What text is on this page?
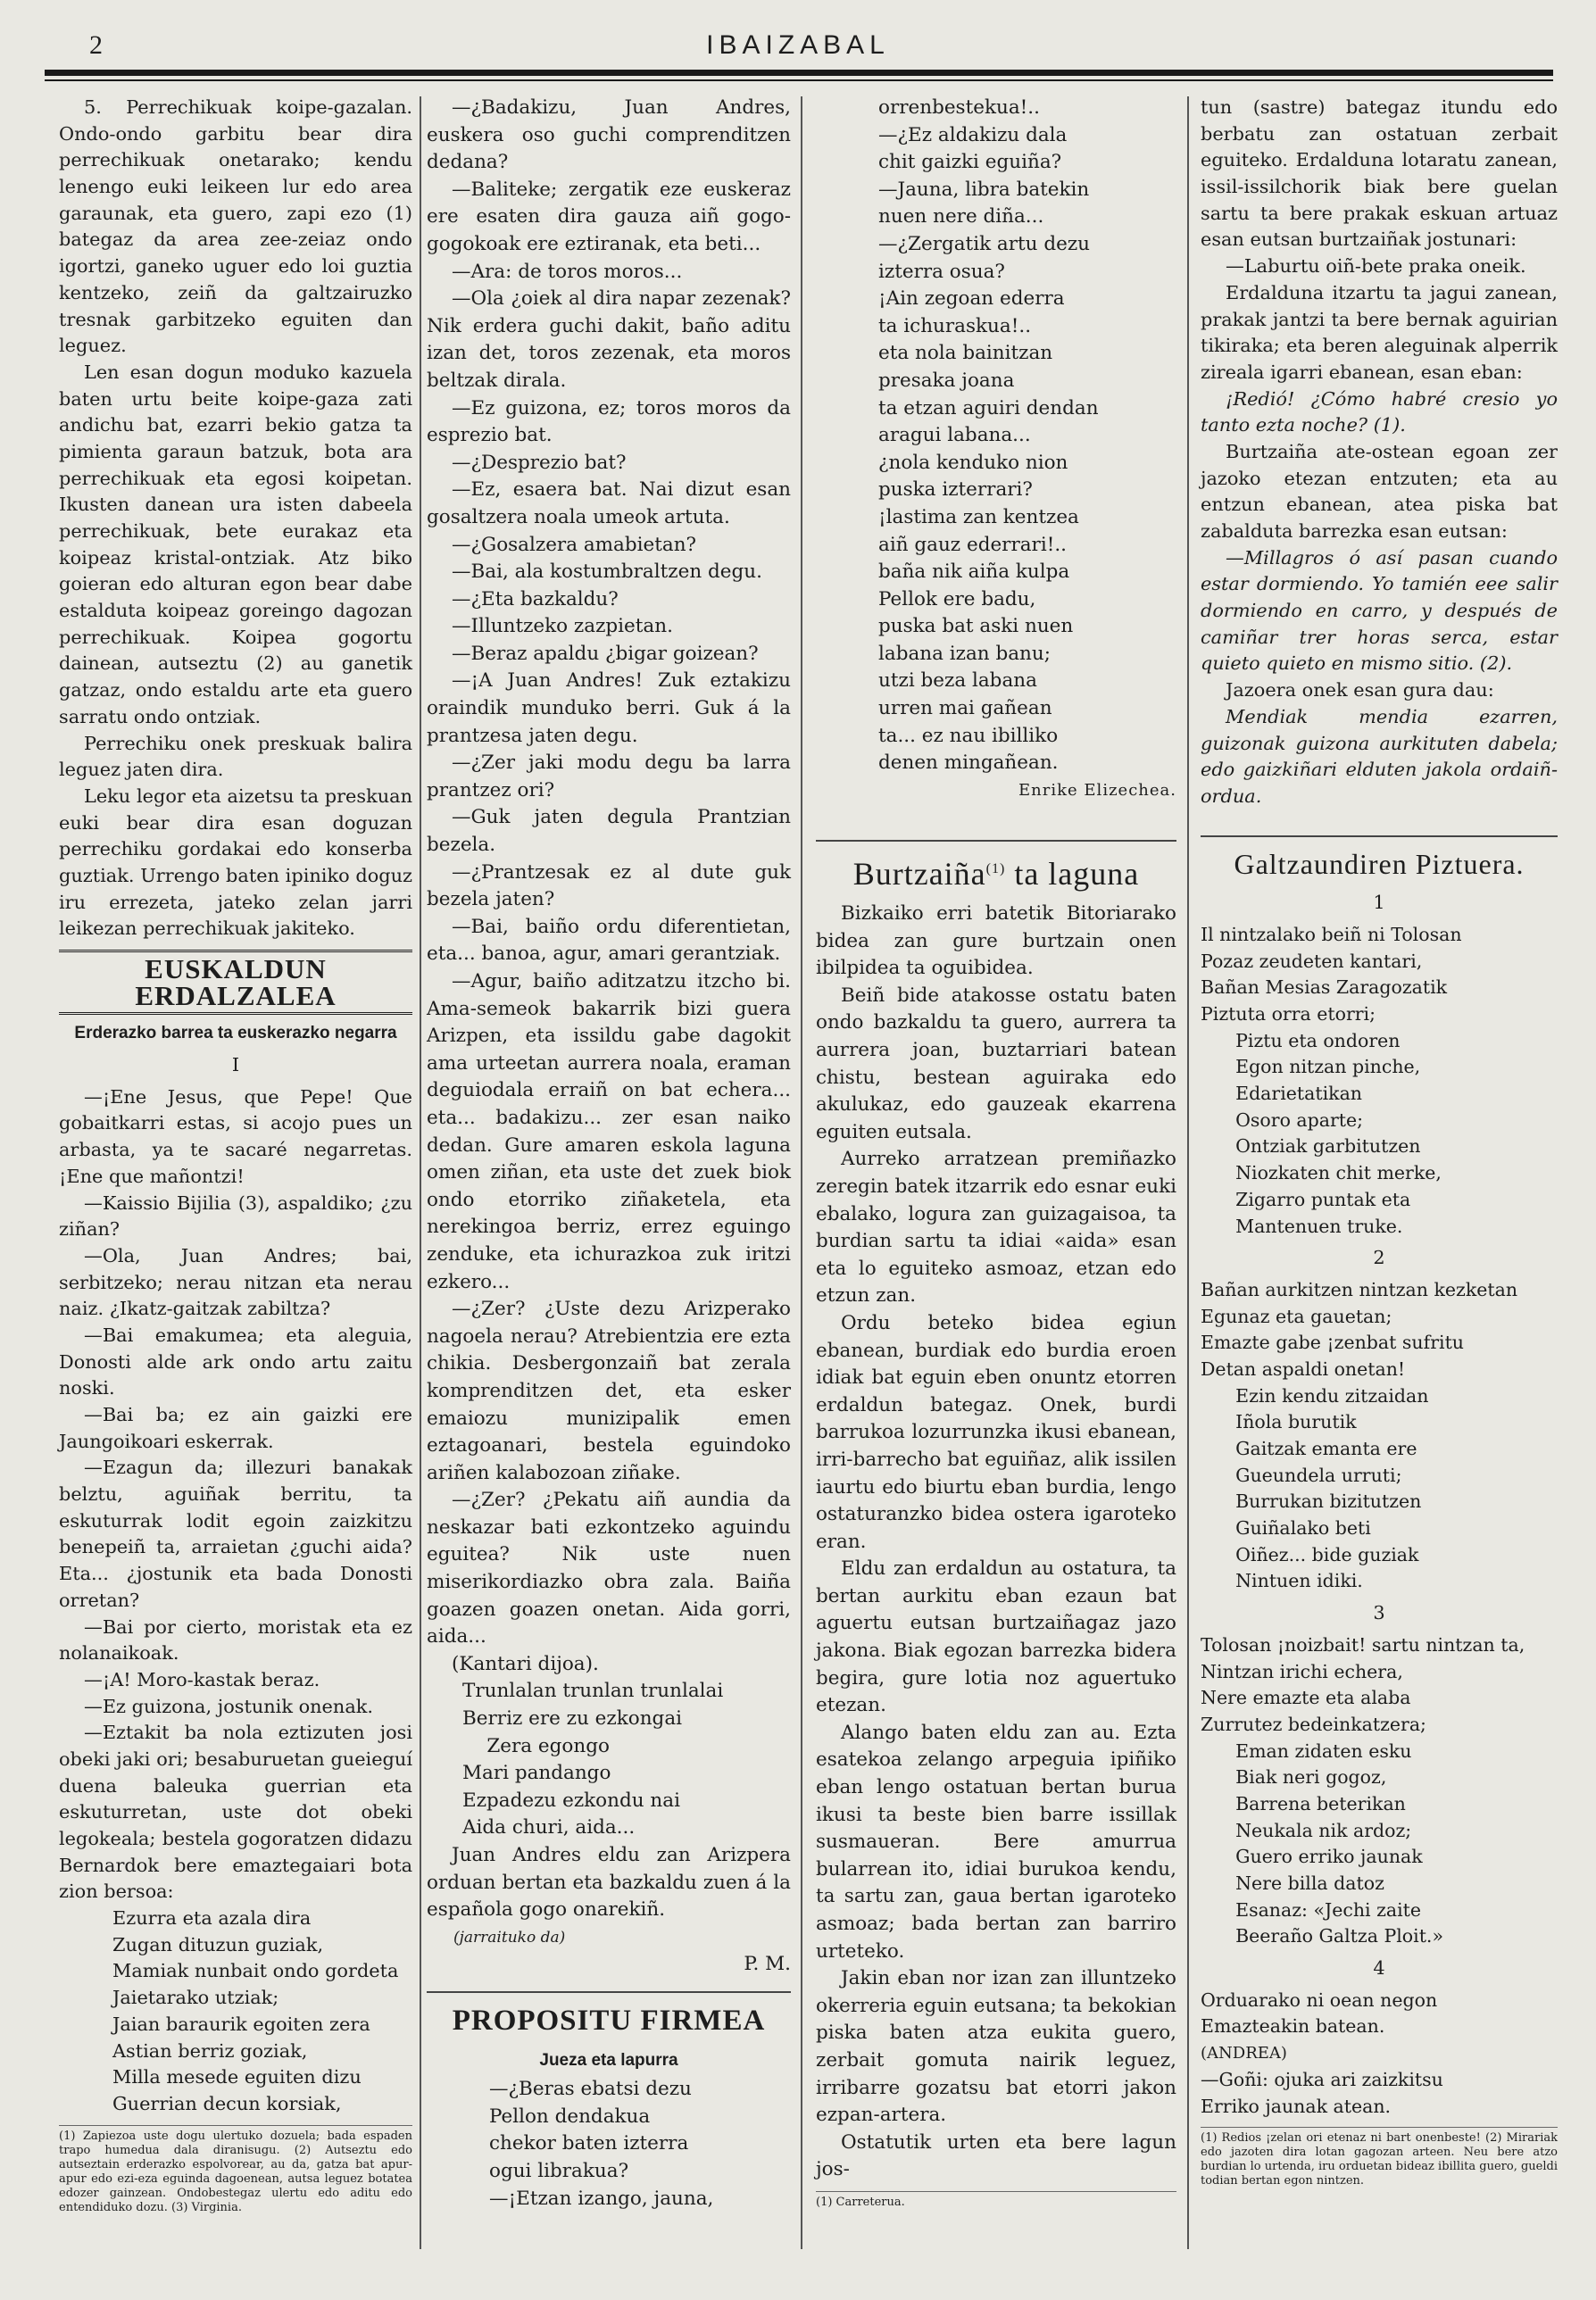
2	IBAIZABAL

5. Perrechikuak koipe-gazalan. Ondo-ondo garbitu bear dira perrechikuak onetarako; kendu lenengo euki leikeen lur edo area garaunak, eta guero, zapi ezo (1) bategaz da area zee-zeiaz ondo igortzi, ganeko uguer edo loi guztia kentzeko, zeiñ da galtzairuzko tresnak garbitzeko eguiten dan leguez.

Len esan dogun moduko kazuela baten urtu beite koipe-gaza zati andichu bat, ezarri bekio gatza ta pimienta garaun batzuk, bota ara perrechikuak eta egosi koipetan. Ikusten danean ura isten dabeela perrechikuak, bete eurakaz eta koipeaz kristal-ontziak. Atz biko goieran edo alturan egon bear dabe estalduta koipeaz goreingo dagozan perrechikuak. Koipea gogortu dainean, autseztu (2) au ganetik gatzaz, ondo estaldu arte eta guero sarratu ondo ontziak.

Perrechiku onek preskuak balira leguez jaten dira.

Leku legor eta aizetsu ta preskuan euki bear dira esan doguzan perrechiku gordakai edo konserba guztiak. Urrengo baten ipiniko doguz iru errezeta, jateko zelan jarri leikezan perrechikuak jakiteko.

EUSKALDUN ERDALZALEA
Erderazko barrea ta euskerazko negarra
I

—¡Ene Jesus, que Pepe! Que gobaitkarri estas, si acojo pues un arbasta, ya te sacaré negarretas. ¡Ene que mañontzi!

—Kaissio Bijilia (3), aspaldiko; ¿zu ziñan?

—Ola, Juan Andres; bai, serbitzeko; nerau nitzan eta nerau naiz. ¿Ikatz-gaitzak zabiltza?

—Bai emakumea; eta aleguia, Donosti alde ark ondo artu zaitu noski.

—Bai ba; ez ain gaizki ere Jaungoikoari eskerrak.

—Ezagun da; illezuri banakak belztu, aguiñak berritu, ta eskuturrak lodit egoin zaizkitzu benepeiñ ta, arraietan ¿guchi aida? Eta... ¿jostunik eta bada Donosti orretan?

—Bai por cierto, moristak eta ez nolanaikoak.

—¡A! Moro-kastak beraz.

—Ez guizona, jostunik onenak.

—Eztakit ba nola eztizuten josi obeki jaki ori; besaburuetan gueieguí duena baleuka guerrian eta eskuturretan, uste dot obeki legokeala; bestela gogoratzen didazu Bernardok bere emaztegaiari bota zion bersoa:

Ezurra eta azala dira
Zugan dituzun guziak,
Mamiak nunbait ondo gordeta
Jaietarako utziak;
Jaian baraurik egoiten zera
Astian berriz goziak,
Milla mesede eguiten dizu
Guerrian decun korsiak,

(1) Zapiezoa uste dogu ulertuko dozuela; bada espaden trapo humedua dala diranisugu. (2) Autseztu edo autseztain erderazko espolvorear, au da, gatza bat apur-apur edo ezi-eza eguinda dagoenean, autsa leguez botatea edozer gainzean. Ondobestegaz ulertu edo aditu edo entendiduko dozu. (3) Virginia.

—¿Badakizu, Juan Andres, euskera oso guchi comprenditzen dedana?

—Baliteke; zergatik eze euskeraz ere esaten dira gauza aiñ gogo-gogokoak ere eztiranak, eta beti...

—Ara: de toros moros...

—Ola ¿oiek al dira napar zezenak? Nik erdera guchi dakit, baño aditu izan det, toros zezenak, eta moros beltzak dirala.

—Ez guizona, ez; toros moros da esprezio bat.

—¿Desprezio bat?

—Ez, esaera bat. Nai dizut esan gosaltzera noala umeok artuta.

—¿Gosalzera amabietan?

—Bai, ala kostumbraltzen degu.

—¿Eta bazkaldu?

—Illuntzeko zazpietan.

—Beraz apaldu ¿bigar goizean?

—¡A Juan Andres! Zuk eztakizu oraindik munduko berri. Guk á la prantzesa jaten degu.

—¿Zer jaki modu degu ba larra prantzez ori?

—Guk jaten degula Prantzian bezela.

—¿Prantzesak ez al dute guk bezela jaten?

—Bai, baiño ordu diferentietan, eta... banoa, agur, amari gerantziak.

—Agur, baiño aditzatzu itzcho bi. Ama-semeok bakarrik bizi guera Arizpen, eta issildu gabe dagokit ama urteetan aurrera noala, eraman deguiodala erraiñ on bat echera... eta... badakizu... zer esan naiko dedan. Gure amaren eskola laguna omen ziñan, eta uste det zuek biok ondo etorriko ziñaketela, eta nerekingoa berriz, errez eguingo zenduke, eta ichurazkoa zuk iritzi ezkero...

—¿Zer? ¿Uste dezu Arizperako nagoela nerau? Atrebientzia ere ezta chikia. Desbergonzaiñ bat zerala komprenditzen det, eta esker emaiozu munizipalik emen eztagoanari, bestela eguindoko ariñen kalabozoan ziñake.

—¿Zer? ¿Pekatu aiñ aundia da neskazar bati ezkontzeko aguindu eguitea? Nik uste nuen miserikordiazko obra zala. Baiña goazen goazen onetan. Aida gorri, aida...

(Kantari dijoa).

Trunlalan trunlan trunlalai
Berriz ere zu ezkongai
Zera egongo
Mari pandango
Ezpadezu ezkondu nai
Aida churi, aida...

Juan Andres eldu zan Arizpera orduan bertan eta bazkaldu zuen á la española gogo onarekiñ.

(jarraituko da)

P. M.

PROPOSITU FIRMEA
Jueza eta lapurra

—¿Beras ebatsi dezu
Pellon dendakua
chekor baten izterra
ogui librakua?
—¡Etzan izango, jauna,

orrenbestekua!..
—¿Ez aldakizu dala
chit gaizki eguiña?
—Jauna, libra batekin
nuen nere diña...
—¿Zergatik artu dezu
izterra osua?
¡Ain zegoan ederra
ta ichuraskua!..
eta nola bainitzan
presaka joana
ta etzan aguiri dendan
aragui labana...
¿nola kenduko nion
puska izterrari?
¡lastima zan kentzea
aiñ gauz ederrari!..
baña nik aiña kulpa
Pellok ere badu,
puska bat aski nuen
labana izan banu;
utzi beza labana
urren mai gañean
ta... ez nau ibilliko
denen mingañean.

Enrike Elizechea.

Burtzaiña$^{(1)}$ ta laguna

Bizkaiko erri batetik Bitoriarako bidea zan gure burtzain onen ibilpidea ta oguibidea.

Beiñ bide atakosse ostatu baten ondo bazkaldu ta guero, aurrera ta aurrera joan, buztarriari batean chistu, bestean aguiraka edo akulukaz, edo gauzeak ekarrena eguiten eutsala.

Aurreko arratzean premiñazko zeregin batek itzarrik edo esnar euki ebalako, logura zan guizagaisoa, ta burdian sartu ta idiai «aida» esan eta lo eguiteko asmoaz, etzan edo etzun zan.

Ordu beteko bidea egiun ebanean, burdiak edo burdia eroen idiak bat eguin eben onuntz etorren erdaldun bategaz. Onek, burdi barrukoa lozurrunzka ikusi ebanean, irri-barrecho bat eguiñaz, alik issilen iaurtu edo biurtu eban burdia, lengo ostaturanzko bidea ostera igaroteko eran.

Eldu zan erdaldun au ostatura, ta bertan aurkitu eban ezaun bat aguertu eutsan burtzaiñagaz jazo jakona. Biak egozan barrezka bidera begira, gure lotia noz aguertuko etezan.

Alango baten eldu zan au. Ezta esatekoa zelango arpeguia ipiñiko eban lengo ostatuan bertan burua ikusi ta beste bien barre issillak susmaueran. Bere amurrua bularrean ito, idiai burukoa kendu, ta sartu zan, gaua bertan igaroteko asmoaz; bada bertan zan barriro urteteko.

Jakin eban nor izan zan illuntzeko okerreria eguin eutsana; ta bekokian piska baten atza eukita guero, zerbait gomuta nairik leguez, irribarre gozatsu bat etorri jakon ezpan-artera.

Ostatutik urten eta bere lagun jos-

(1) Carreterua.

tun (sastre) bategaz itundu edo berbatu zan ostatuan zerbait eguiteko. Erdalduna lotaratu zanean, issil-issilchorik biak bere guelan sartu ta bere prakak eskuan artuaz esan eutsan burtzaiñak jostunari:

—Laburtu oiñ-bete praka oneik.

Erdalduna itzartu ta jagui zanean, prakak jantzi ta bere bernak aguirian tikiraka; eta beren aleguinak alperrik zireala igarri ebanean, esan eban:

¡Redió! ¿Cómo habré cresio yo tanto ezta noche? (1).

Burtzaiña ate-ostean egoan zer jazoko etezan entzuten; eta au entzun ebanean, atea piska bat zabalduta barrezka esan eutsan:

—Millagros ó así pasan cuando estar dormiendo. Yo tamién eee salir dormiendo en carro, y después de camiñar trer horas serca, estar quieto quieto en mismo sitio. (2).

Jazoera onek esan gura dau:

Mendiak mendia ezarren, guizonak guizona aurkituten dabela; edo gaizkiñari elduten jakola ordaiñ-ordua.

Galtzaundiren Piztuera.
1

Il nintzalako beiñ ni Tolosan
Pozaz zeudeten kantari,
Bañan Mesias Zaragozatik
Piztuta orra etorri;
Piztu eta ondoren
Egon nitzan pinche,
Edarietatikan
Osoro aparte;
Ontziak garbitutzen
Niozkaten chit merke,
Zigarro puntak eta
Mantenuen truke.

2

Bañan aurkitzen nintzan kezketan
Egunaz eta gauetan;
Emazte gabe ¡zenbat sufritu
Detan aspaldi onetan!
Ezin kendu zitzaidan
Iñola burutik
Gaitzak emanta ere
Gueundela urruti;
Burrukan bizitutzen
Guiñalako beti
Oiñez... bide guziak
Nintuen idiki.

3

Tolosan ¡noizbait! sartu nintzan ta,
Nintzan irichi echera,
Nere emazte eta alaba
Zurrutez bedeinkatzera;
Eman zidaten esku
Biak neri gogoz,
Barrena beterikan
Neukala nik ardoz;
Guero erriko jaunak
Nere billa datoz
Esanaz: «Jechi zaite
Beeraño Galtza Ploit.»

4

Orduarako ni oean negon
Emazteakin batean.

(ANDREA)

—Goñi: ojuka ari zaizkitsu
Erriko jaunak atean.

(1) Redios ¡zelan ori etenaz ni bart onenbeste! (2) Mirariak edo jazoten dira lotan gagozan arteen. Neu bere atzo burdian lo urtenda, iru orduetan bideaz ibillita guero, gueldi todian bertan egon nintzen.
